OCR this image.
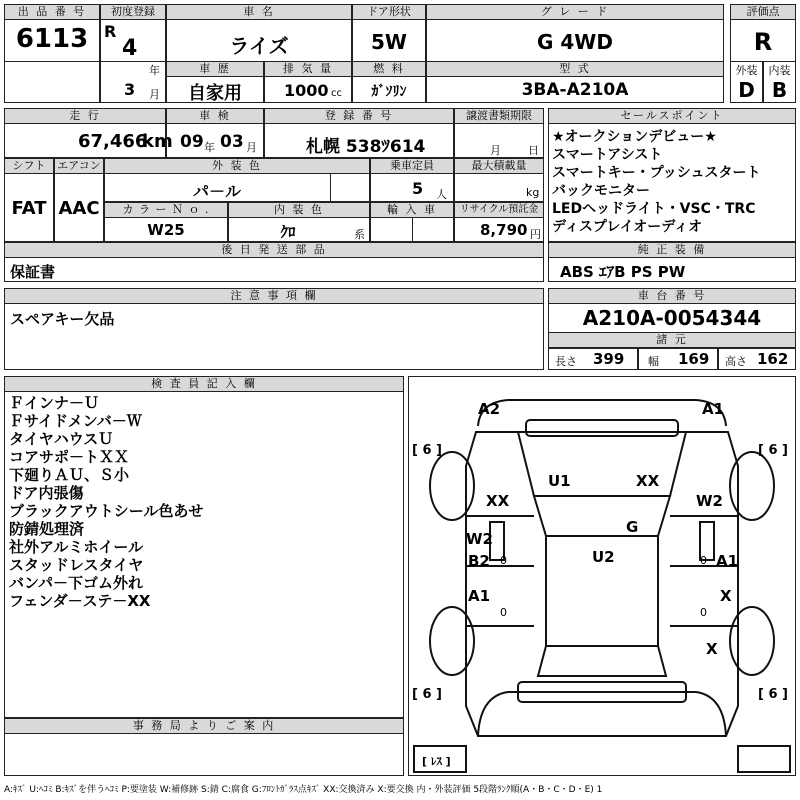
出 品 番 号
6113
初度登録
R
4
年
3 月
車 名
ライズ
ドア形状
5W
グ レ ー ド
G 4WD
評価点
R
車 歴
自家用
排 気 量
1000 cc
燃 料
ｶﾞｿﾘﾝ
型 式
3BA-A210A
外装
D
内装
B
走 行
67,466
km
車 検
09 年 03 月
登 録 番 号
札幌 538ﾂ614
譲渡書類期限
月 日
シフト
FAT
エアコン
AAC
外 装 色
パ－ル
乗車定員
5 人
最大積載量
kg
カ ラ ー Ｎ ｏ .
W25
内 装 色
ｸﾛ	系
輸 入 車	リサイクル預託金
8,790 円
後 日 発 送 部 品
保証書
セールスポイント
★オークションデビュー★
スマートアシスト
スマートキー・プッシュスタート
バックモニター
LEDヘッドライト・VSC・TRC
ディスプレイオーディオ
純 正 装 備
ABS ｴｱB PS PW
注 意 事 項 欄
スペアキー欠品
車 台 番 号
A210A-0054344
諸 元
長さ 399 幅 169 高さ 162
検 査 員 記 入 欄
Ｆインナ－Ｕ
Ｆサイドメンバ－Ｗ
タイヤハウスＵ
コアサポ－トＸＸ
下廻りＡＵ、Ｓ小
ドア内張傷
ブラックアウトシール色あせ
防錆処理済
社外アルミホイール
スタッドレスタイヤ
バンパ－下ゴム外れ
フェンダ－ステ－XX
事 務 局 よ り ご 案 内
[ 6 ]	[ 6 ]
[ 6 ]	[ 6 ]
[ ﾚｽ ]
A2	A1
XX
U1	XX
W2
W2
G
B2	U2	A1
A1	X
X
0	0
0	0
A:ｷｽﾞ U:ﾍｺﾐ B:ｷｽﾞを伴うﾍｺﾐ P:要塗装 W:補修跡 S:錆 C:腐食 G:ﾌﾛﾝﾄｶﾞﾗｽ点ｷｽﾞ XX:交換済み X:要交換 内・外装評価 5段階ﾗﾝｸ順(A・B・C・D・E) 1
